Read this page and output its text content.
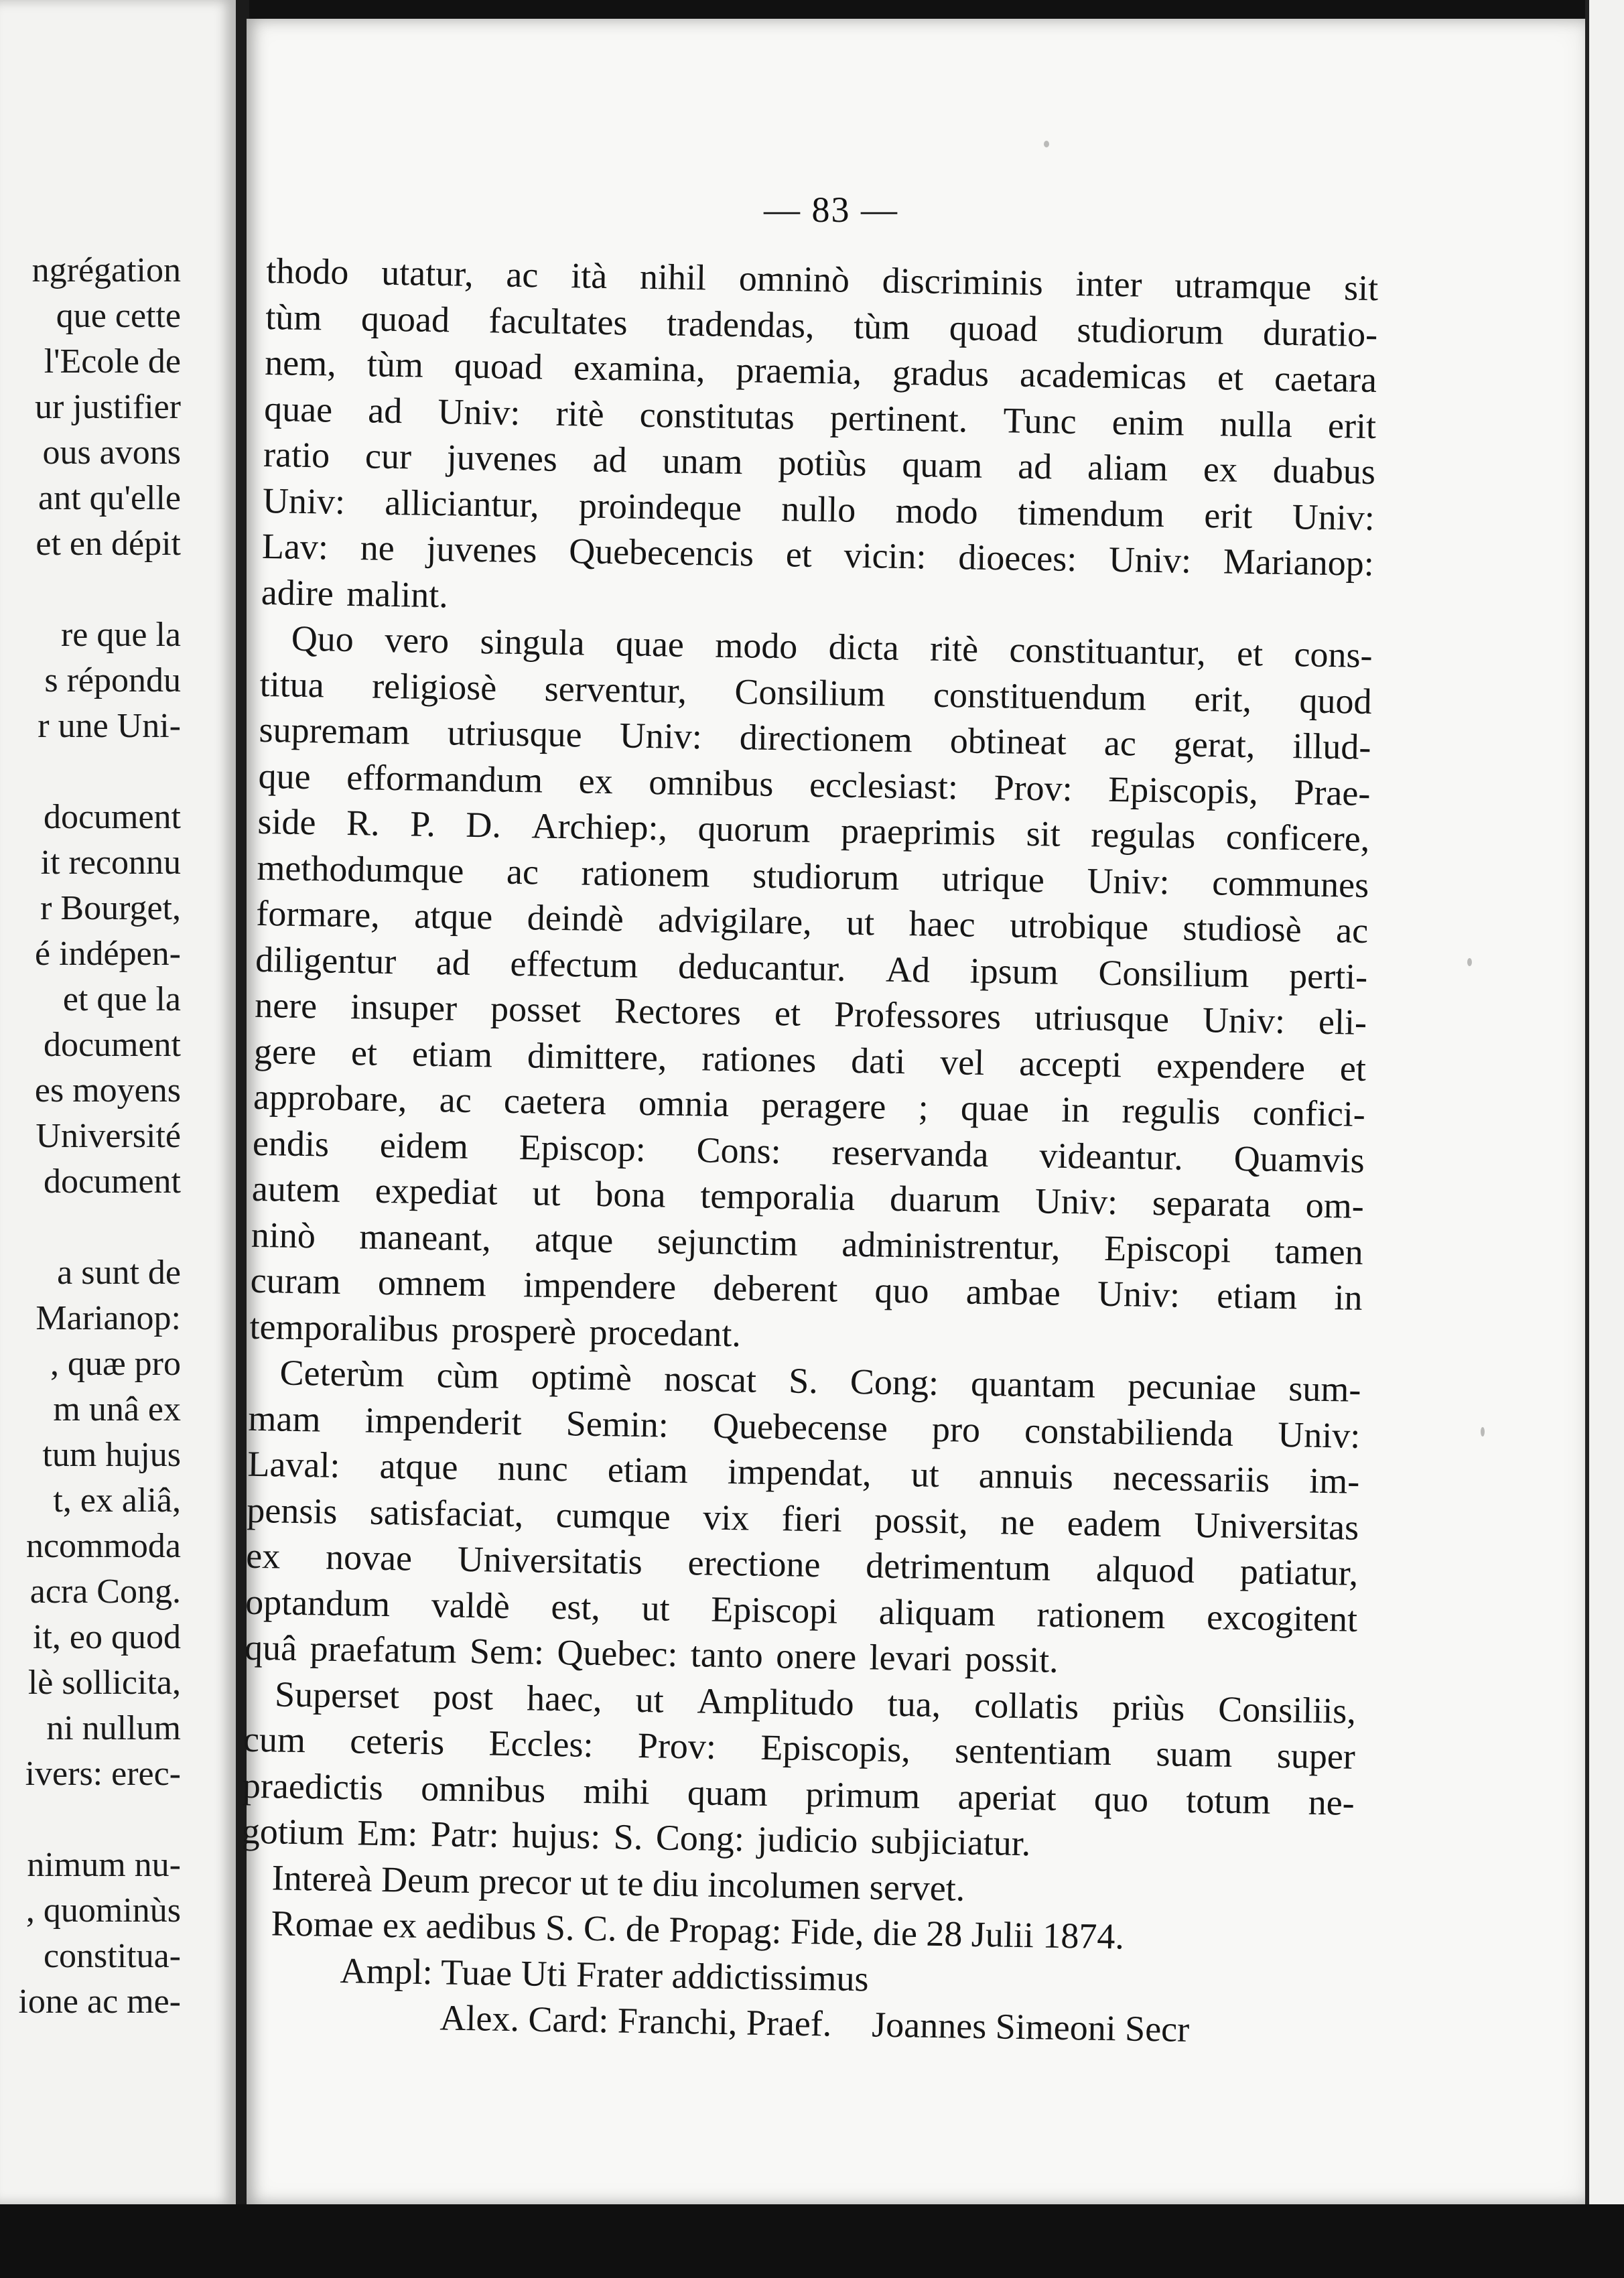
ngrégation
que cette
l'Ecole de
ur justifier
ous avons
ant qu'elle
et en dépit
re que la
s répondu
r une Uni-
document
it reconnu
r Bourget,
é indépen-
et que la
document
es moyens
Université
document
a sunt de
Marianop:
, quæ pro
m unâ ex
tum hujus
t, ex aliâ,
ncommoda
acra Cong.
it, eo quod
lè sollicita,
ni nullum
ivers: erec-
nimum nu-
, quominùs
constitua-
ione ac me-
— 83 —
thodo utatur, ac ità nihil omninò discriminis inter utramque sit
tùm quoad facultates tradendas, tùm quoad studiorum duratio-
nem, tùm quoad examina, praemia, gradus academicas et caetara
quae ad Univ: ritè constitutas pertinent. Tunc enim nulla erit
ratio cur juvenes ad unam potiùs quam ad aliam ex duabus
Univ: alliciantur, proindeque nullo modo timendum erit Univ:
Lav: ne juvenes Quebecencis et vicin: dioeces: Univ: Marianop:
adire malint.
Quo vero singula quae modo dicta ritè constituantur, et cons-
titua religiosè serventur, Consilium constituendum erit, quod
supremam utriusque Univ: directionem obtineat ac gerat, illud-
que efformandum ex omnibus ecclesiast: Prov: Episcopis, Prae-
side R. P. D. Archiep:, quorum praeprimis sit regulas conficere,
methodumque ac rationem studiorum utrique Univ: communes
formare, atque deindè advigilare, ut haec utrobique studiosè ac
diligentur ad effectum deducantur. Ad ipsum Consilium perti-
nere insuper posset Rectores et Professores utriusque Univ: eli-
gere et etiam dimittere, rationes dati vel accepti expendere et
approbare, ac caetera omnia peragere ; quae in regulis confici-
endis eidem Episcop: Cons: reservanda videantur. Quamvis
autem expediat ut bona temporalia duarum Univ: separata om-
ninò maneant, atque sejunctim administrentur, Episcopi tamen
curam omnem impendere deberent quo ambae Univ: etiam in
temporalibus prosperè procedant.
Ceterùm cùm optimè noscat S. Cong: quantam pecuniae sum-
mam impenderit Semin: Quebecense pro constabilienda Univ:
Laval: atque nunc etiam impendat, ut annuis necessariis im-
pensis satisfaciat, cumque vix fieri possit, ne eadem Universitas
ex novae Universitatis erectione detrimentum alquod patiatur,
optandum valdè est, ut Episcopi aliquam rationem excogitent
quâ praefatum Sem: Quebec: tanto onere levari possit.
Superset post haec, ut Amplitudo tua, collatis priùs Consiliis,
cum ceteris Eccles: Prov: Episcopis, sententiam suam super
praedictis omnibus mihi quam primum aperiat quo totum ne-
gotium Em: Patr: hujus: S. Cong: judicio subjiciatur.
Intereà Deum precor ut te diu incolumen servet.
Romae ex aedibus S. C. de Propag: Fide, die 28 Julii 1874.
Ampl: Tuae Uti Frater addictissimus
Alex. Card: Franchi, Praef. Joannes Simeoni Secr
